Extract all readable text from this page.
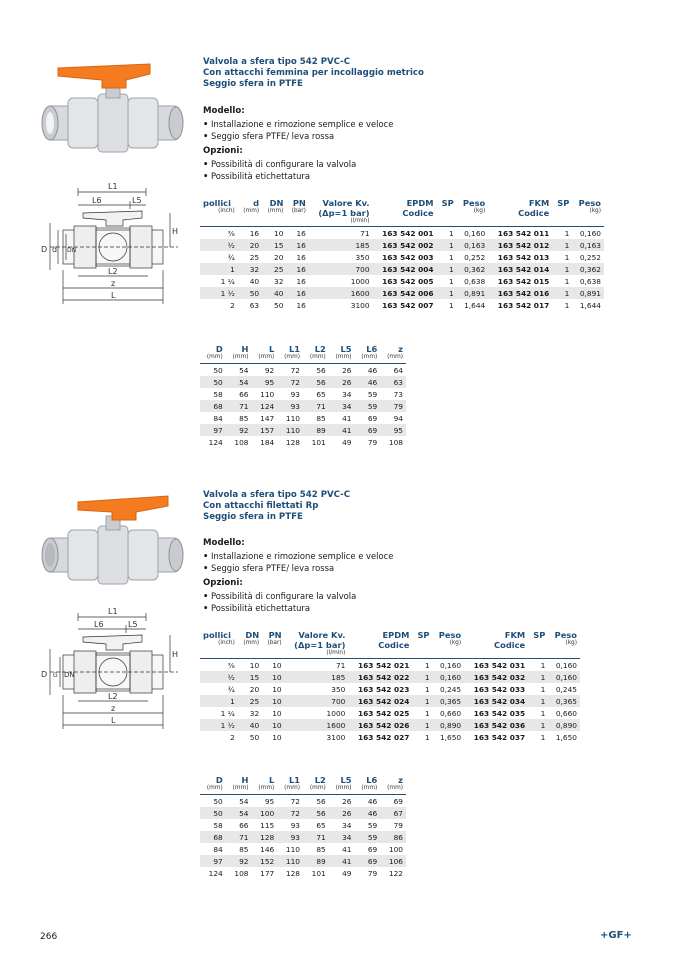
Valvola a sfera tipo 542 PVC-C
Con attacchi femmina per incollaggio metrico
Seggio sfera in PTFE
Modello:
• Installazione e rimozione semplice e veloce
• Seggio sfera PTFE/ leva rossa
Opzioni:
• Possibilità di configurare la valvola
• Possibilità etichettatura
L1
L6	L5
H
D d DN
L2
z
L
pollici	d	DN	PN	Valore Kv.	EPDM	SP	Peso	FKM	SP	Peso
(inch)	(mm)	(mm)	(bar)	(Δp=1 bar)	Codice		(kg)	Codice		(kg)
				(l/min)						
⅜	16	10	16	71	163 542 001	1	0,160	163 542 011	1	0,160
½	20	15	16	185	163 542 002	1	0,163	163 542 012	1	0,163
¾	25	20	16	350	163 542 003	1	0,252	163 542 013	1	0,252
1	32	25	16	700	163 542 004	1	0,362	163 542 014	1	0,362
1 ¼	40	32	16	1000	163 542 005	1	0,638	163 542 015	1	0,638
1 ½	50	40	16	1600	163 542 006	1	0,891	163 542 016	1	0,891
2	63	50	16	3100	163 542 007	1	1,644	163 542 017	1	1,644
D	H	L	L1	L2	L5	L6	z
(mm)	(mm)	(mm)	(mm)	(mm)	(mm)	(mm)	(mm)
50	54	92	72	56	26	46	64
50	54	95	72	56	26	46	63
58	66	110	93	65	34	59	73
68	71	124	93	71	34	59	79
84	85	147	110	85	41	69	94
97	92	157	110	89	41	69	95
124	108	184	128	101	49	79	108
Valvola a sfera tipo 542 PVC-C
Con attacchi filettati Rp
Seggio sfera in PTFE
Modello:
• Installazione e rimozione semplice e veloce
• Seggio sfera PTFE/ leva rossa
Opzioni:
• Possibilità di configurare la valvola
• Possibilità etichettatura
L1
L6	L5
H
D G DN
L2
z
L
pollici	DN	PN	Valore Kv.	EPDM	SP	Peso	FKM	SP	Peso
(inch)	(mm)	(bar)	(Δp=1 bar)	Codice		(kg)	Codice		(kg)
			(l/min)						
⅜	10	10	71	163 542 021	1	0,160	163 542 031	1	0,160
½	15	10	185	163 542 022	1	0,160	163 542 032	1	0,160
¾	20	10	350	163 542 023	1	0,245	163 542 033	1	0,245
1	25	10	700	163 542 024	1	0,365	163 542 034	1	0,365
1 ¼	32	10	1000	163 542 025	1	0,660	163 542 035	1	0,660
1 ½	40	10	1600	163 542 026	1	0,890	163 542 036	1	0,890
2	50	10	3100	163 542 027	1	1,650	163 542 037	1	1,650
D	H	L	L1	L2	L5	L6	z
(mm)	(mm)	(mm)	(mm)	(mm)	(mm)	(mm)	(mm)
50	54	95	72	56	26	46	69
50	54	100	72	56	26	46	67
58	66	115	93	65	34	59	79
68	71	128	93	71	34	59	86
84	85	146	110	85	41	69	100
97	92	152	110	89	41	69	106
124	108	177	128	101	49	79	122
266	+GF+
